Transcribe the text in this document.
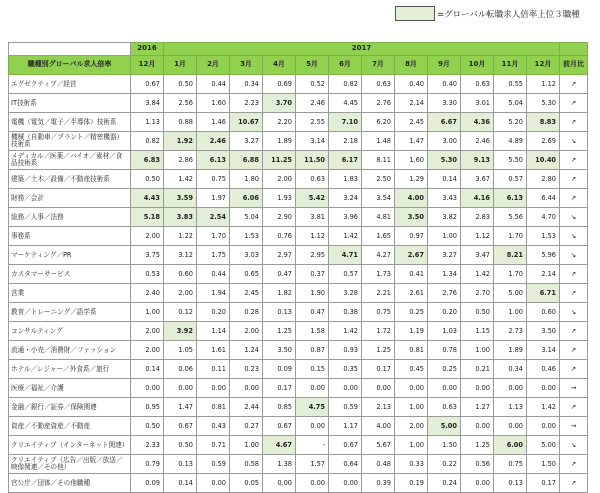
=グローバル転職求人倍率上位３職種
	2016	2017												
職種別グローバル求人倍率	12月	1月	2月	3月	4月	5月	6月	7月	8月	9月	10月	11月	12月	前月比
エグゼクティブ／経営	0.67	0.50	0.44	0.34	0.69	0.52	0.82	0.63	0.40	0.40	0.63	0.55	1.12	↗
IT技術系	3.84	2.56	1.60	2.23	3.70	2.46	4.45	2.76	2.14	3.30	3.01	5.04	5.30	↗
電機（電気／電子／半導体）技術系	1.13	0.88	1.46	10.67	2.20	2.55	7.10	6.20	2.45	6.67	4.36	5.20	8.83	↗
機械（自動車／プラント／精密機器）技術系	0.82	1.92	2.46	3.27	1.89	3.14	2.18	1.48	1.47	3.00	2.46	4.89	2.69	↘
メディカル／医薬／バイオ／素材／食品技術系	6.83	2.86	6.13	6.88	11.25	11.50	6.17	8.11	1.60	5.30	9.13	5.50	10.40	↗
建築／土木／設備／不動産技術系	0.50	1.42	0.75	1.80	2.00	0.63	1.83	2.50	1.29	0.14	3.67	0.57	2.80	↗
財務／会計	4.43	3.59	1.97	6.06	1.93	5.42	3.24	3.54	4.00	3.43	4.16	6.13	6.44	↗
総務／人事／法務	5.18	3.83	2.54	5.04	2.90	3.81	3.96	4.81	3.50	3.82	2.83	5.56	4.70	↘
事務系	2.00	1.22	1.70	1.53	0.76	1.12	1.42	1.65	0.97	1.00	1.12	1.70	1.53	↘
マーケティング／PR	3.75	3.12	1.75	3.03	2.97	2.95	4.71	4.27	2.67	3.27	3.47	8.21	5.96	↘
カスタマーサービス	0.53	0.60	0.44	0.65	0.47	0.37	0.57	1.73	0.41	1.34	1.42	1.70	2.14	↗
営業	2.40	2.00	1.94	2.45	1.82	1.90	3.28	2.21	2.61	2.76	2.70	5.00	6.71	↗
教育／トレーニング／語学系	1.00	0.12	0.20	0.28	0.13	0.47	0.38	0.75	0.25	0.20	0.50	1.00	0.60	↘
コンサルティング	2.00	3.92	1.14	2.00	1.25	1.58	1.42	1.72	1.19	1.03	1.15	2.73	3.50	↗
流通・小売／消費財／ファッション	2.00	1.05	1.61	1.24	3.50	0.87	0.93	1.25	0.81	0.78	1.00	1.89	3.14	↗
ホテル／レジャー／外食系／旅行	0.14	0.06	0.11	0.23	0.09	0.15	0.35	0.17	0.45	0.25	0.21	0.34	0.46	↗
医療／福祉／介護	0.00	0.00	0.00	0.00	0.17	0.00	0.00	0.00	0.00	0.00	0.00	0.00	0.00	→
金融／銀行／証券／保険関連	0.95	1.47	0.81	2.44	0.85	4.75	0.59	2.13	1.00	0.63	1.27	1.13	1.42	↗
資産／不動産資産／不動産	0.50	0.67	0.43	0.27	0.67	0.00	1.17	4.00	2.00	5.00	0.00	0.00	0.00	→
クリエイティブ（インターネット関連）	2.33	0.50	0.71	1.00	4.67	-	0.67	5.67	1.00	1.50	1.25	6.00	5.00	↘
クリエイティブ（広告／出版／放送／映像関連／その他）	0.79	0.13	0.59	0.58	1.38	1.57	0.64	0.48	0.33	0.22	0.56	0.75	1.50	↗
官公庁／団体／その他職種	0.09	0.14	0.00	0.05	0.00	0.00	0.00	0.39	0.19	0.24	0.00	0.13	0.17	↗
